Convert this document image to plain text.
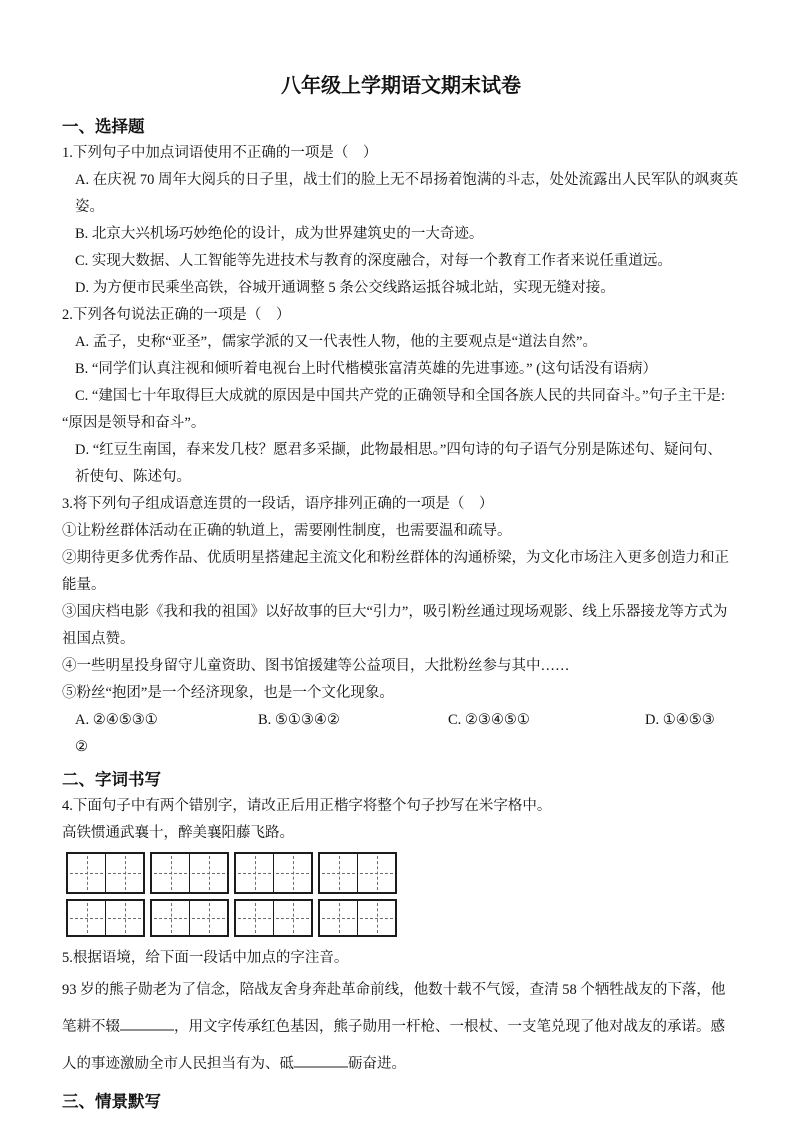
八年级上学期语文期末试卷
一、选择题
1.下列句子中加点词语使用不正确的一项是（　）
A. 在庆祝 70 周年大阅兵的日子里，战士们的脸上无不昂扬着饱满的斗志，处处流露出人民军队的飒爽英
姿。
B. 北京大兴机场巧妙绝伦的设计，成为世界建筑史的一大奇迹。
C. 实现大数据、人工智能等先进技术与教育的深度融合，对每一个教育工作者来说任重道远。
D. 为方便市民乘坐高铁，谷城开通调整 5 条公交线路运抵谷城北站，实现无缝对接。
2.下列各句说法正确的一项是（　）
A. 孟子，史称“亚圣”，儒家学派的又一代表性人物，他的主要观点是“道法自然”。
B. “同学们认真注视和倾听着电视台上时代楷模张富清英雄的先进事迹。” (这句话没有语病）
C. “建国七十年取得巨大成就的原因是中国共产党的正确领导和全国各族人民的共同奋斗。”句子主干是:
“原因是领导和奋斗”。
D. “红豆生南国，春来发几枝？愿君多采撷，此物最相思。”四句诗的句子语气分别是陈述句、疑问句、
祈使句、陈述句。
3.将下列句子组成语意连贯的一段话，语序排列正确的一项是（　）
①让粉丝群体活动在正确的轨道上，需要刚性制度，也需要温和疏导。
②期待更多优秀作品、优质明星搭建起主流文化和粉丝群体的沟通桥梁，为文化市场注入更多创造力和正
能量。
③国庆档电影《我和我的祖国》以好故事的巨大“引力”，吸引粉丝通过现场观影、线上乐器接龙等方式为
祖国点赞。
④一些明星投身留守儿童资助、图书馆援建等公益项目，大批粉丝参与其中……
⑤粉丝“抱团”是一个经济现象，也是一个文化现象。
A. ②④⑤③①	B. ⑤①③④②	C. ②③④⑤①	D. ①④⑤③
②
二、字词书写
4.下面句子中有两个错别字，请改正后用正楷字将整个句子抄写在米字格中。
高铁惯通武襄十，醉美襄阳藤飞路。
5.根据语境，给下面一段话中加点的字注音。
93 岁的熊子勋老为了信念，陪战友舍身奔赴革命前线，他数十载不气馁，查清 58 个牺牲战友的下落，他
笔耕不辍	，用文字传承红色基因，熊子勋用一杆枪、一根杖、一支笔兑现了他对战友的承诺。感
人的事迹激励全市人民担当有为、砥	砺奋进。
三、情景默写
